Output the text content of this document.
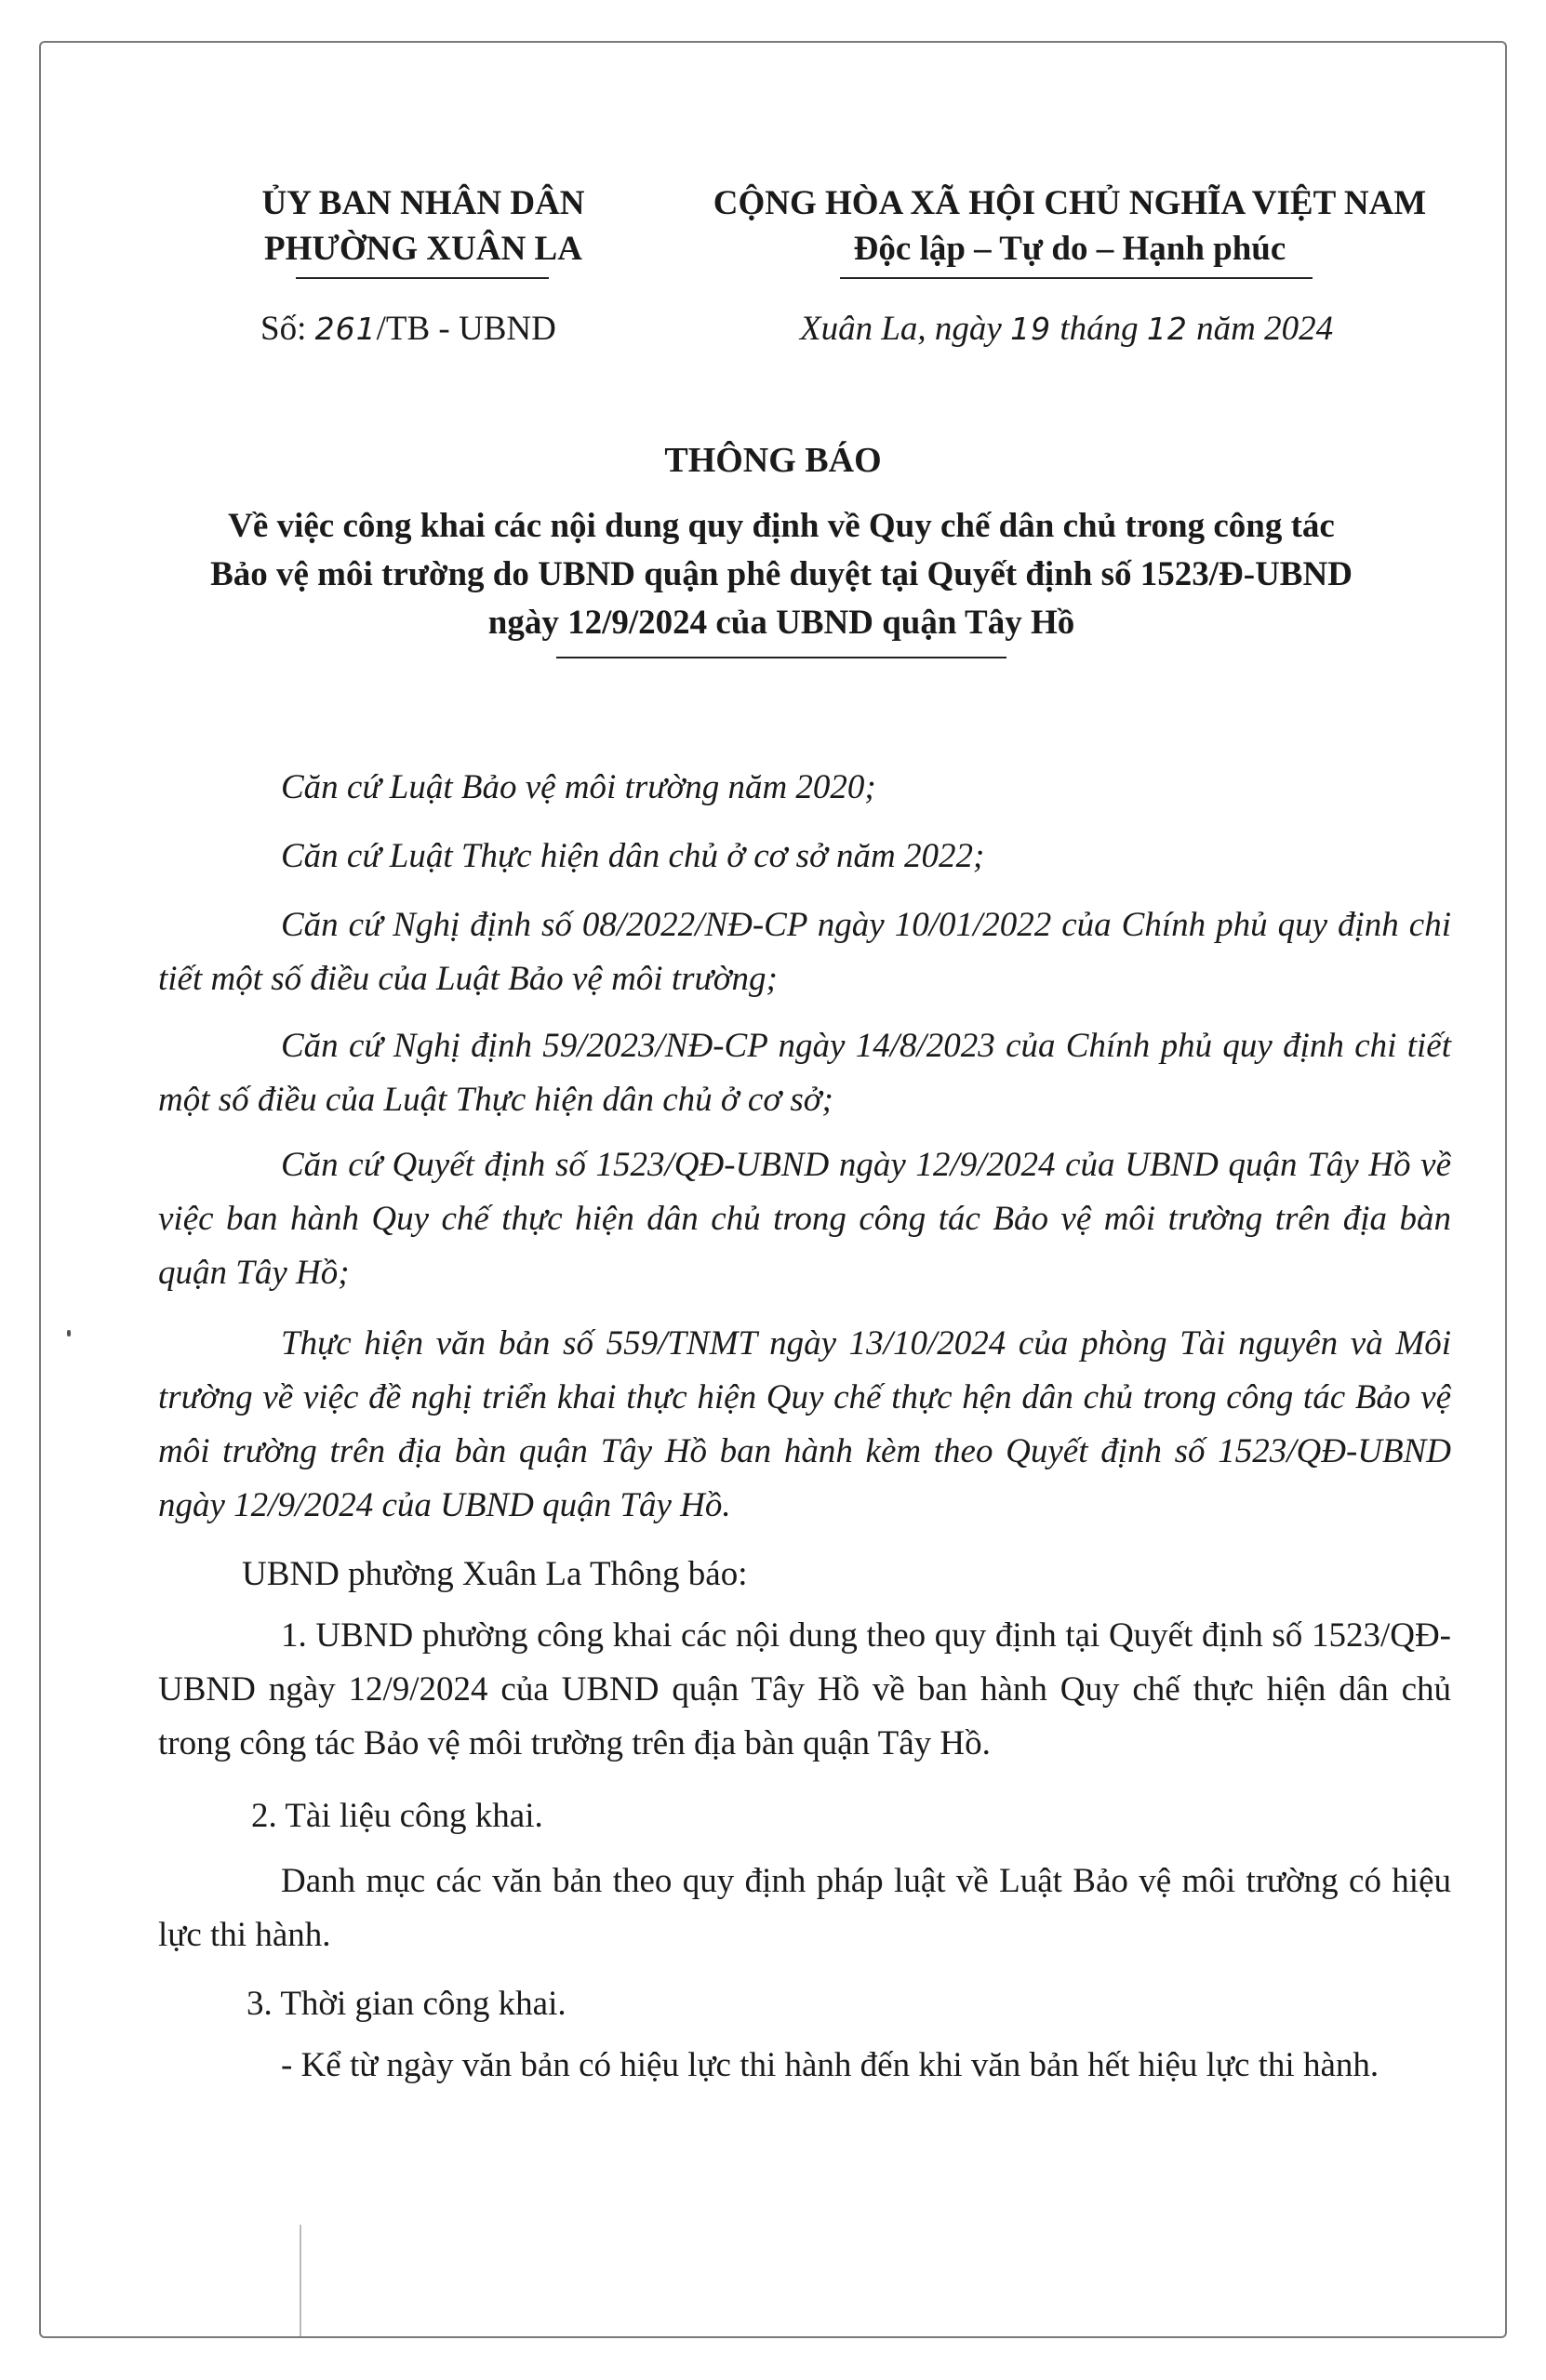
ỦY BAN NHÂN DÂN
PHƯỜNG XUÂN LA
CỘNG HÒA XÃ HỘI CHỦ NGHĨA VIỆT NAM
Độc lập – Tự do – Hạnh phúc
Số: 261/TB - UBND	Xuân La, ngày 19 tháng 12 năm 2024
THÔNG BÁO
Về việc công khai các nội dung quy định về Quy chế dân chủ trong công tác
Bảo vệ môi trường do UBND quận phê duyệt tại Quyết định số 1523/Đ-UBND
ngày 12/9/2024 của UBND quận Tây Hồ
Căn cứ Luật Bảo vệ môi trường năm 2020;
Căn cứ Luật Thực hiện dân chủ ở cơ sở năm 2022;
Căn cứ Nghị định số 08/2022/NĐ-CP ngày 10/01/2022 của Chính phủ quy định chi tiết một số điều của Luật Bảo vệ môi trường;
Căn cứ Nghị định 59/2023/NĐ-CP ngày 14/8/2023 của Chính phủ quy định chi tiết một số điều của Luật Thực hiện dân chủ ở cơ sở;
Căn cứ Quyết định số 1523/QĐ-UBND ngày 12/9/2024 của UBND quận Tây Hồ về việc ban hành Quy chế thực hiện dân chủ trong công tác Bảo vệ môi trường trên địa bàn quận Tây Hồ;
Thực hiện văn bản số 559/TNMT ngày 13/10/2024 của phòng Tài nguyên và Môi trường về việc đề nghị triển khai thực hiện Quy chế thực hện dân chủ trong công tác Bảo vệ môi trường trên địa bàn quận Tây Hồ ban hành kèm theo Quyết định số 1523/QĐ-UBND ngày 12/9/2024 của UBND quận Tây Hồ.
UBND phường Xuân La Thông báo:
1. UBND phường công khai các nội dung theo quy định tại Quyết định số 1523/QĐ-UBND ngày 12/9/2024 của UBND quận Tây Hồ về ban hành Quy chế thực hiện dân chủ trong công tác Bảo vệ môi trường trên địa bàn quận Tây Hồ.
2. Tài liệu công khai.
Danh mục các văn bản theo quy định pháp luật về Luật Bảo vệ môi trường có hiệu lực thi hành.
3. Thời gian công khai.
- Kể từ ngày văn bản có hiệu lực thi hành đến khi văn bản hết hiệu lực thi hành.
